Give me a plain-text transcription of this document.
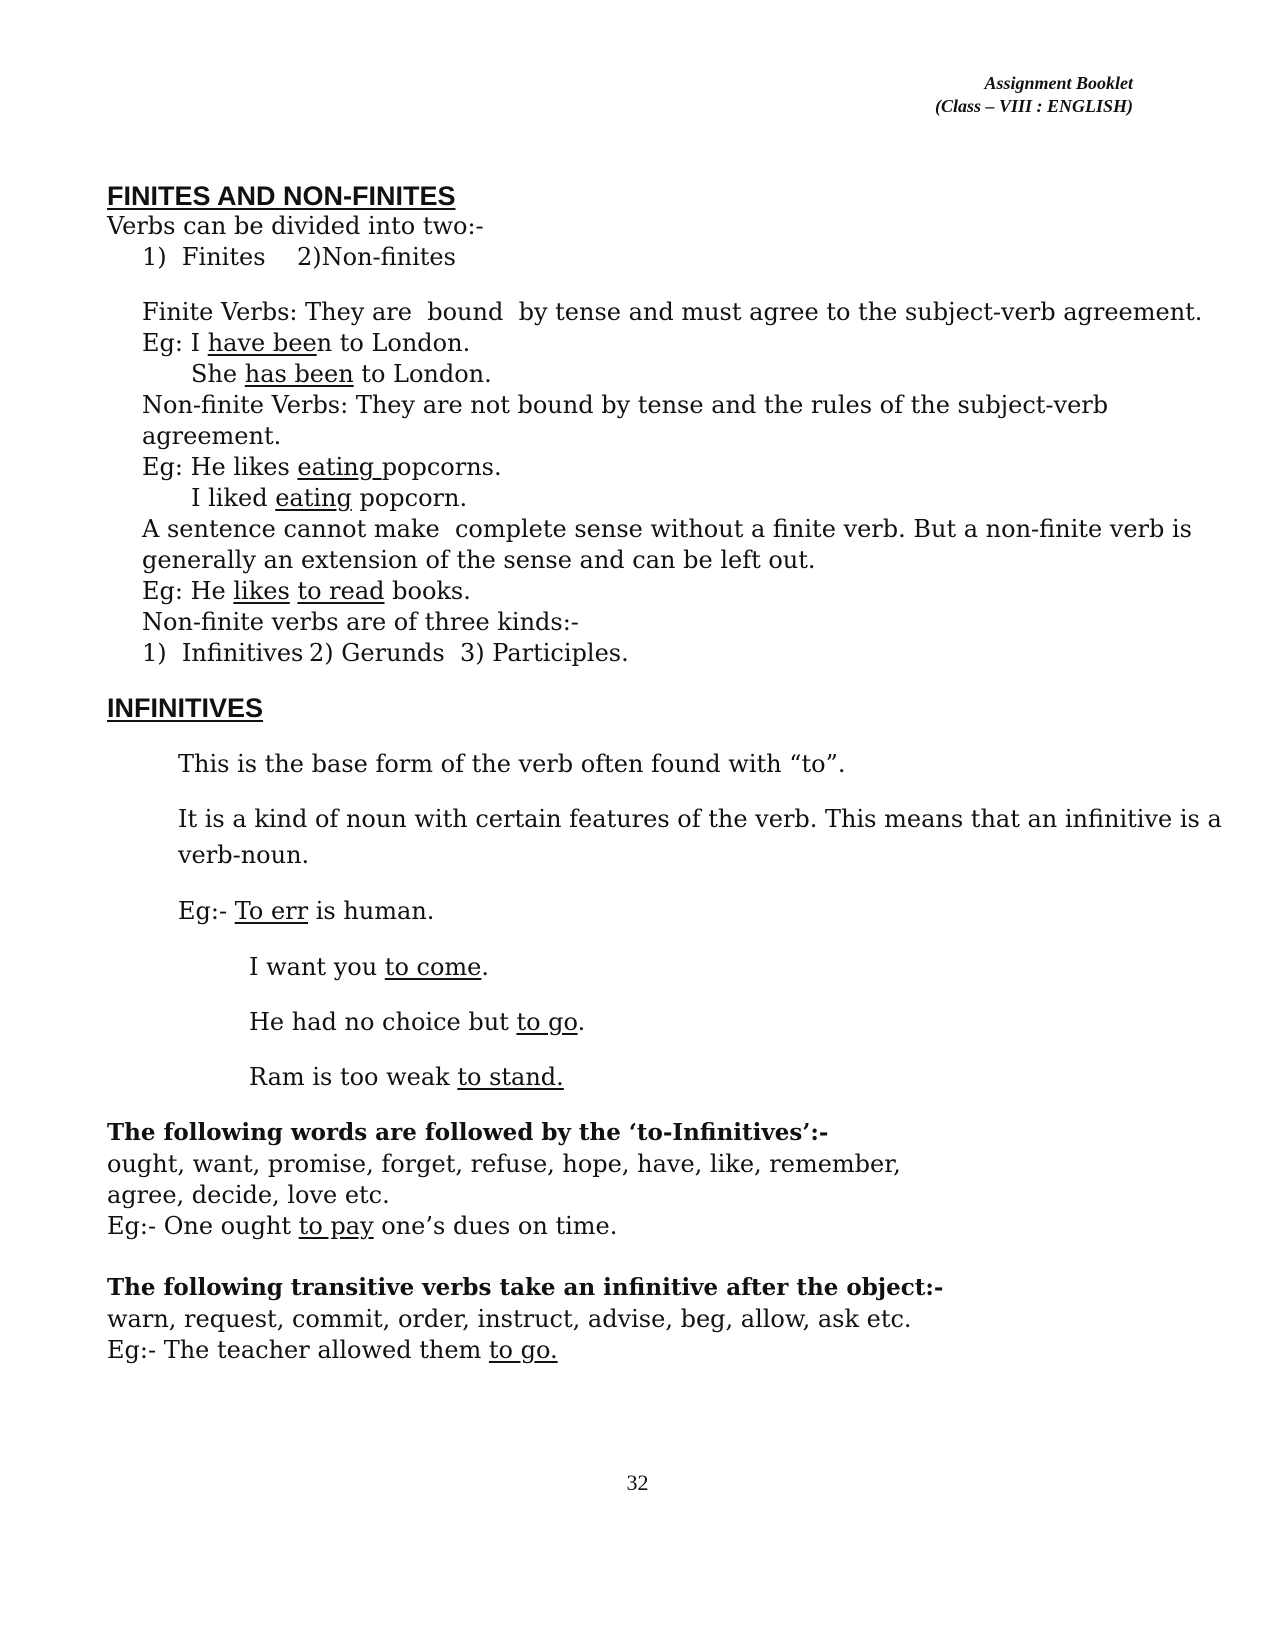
Assignment Booklet
(Class – VIII : ENGLISH)
FINITES AND NON-FINITES
Verbs can be divided into two:-
1)  Finites 2)Non-finites
Finite Verbs: They are  bound  by tense and must agree to the subject-verb agreement.
Eg: I have been to London.
She has been to London.
Non-finite Verbs: They are not bound by tense and the rules of the subject-verb
agreement.
Eg: He likes eating popcorns.
I liked eating popcorn.
A sentence cannot make  complete sense without a finite verb. But a non-finite verb is
generally an extension of the sense and can be left out.
Eg: He likes to read books.
Non-finite verbs are of three kinds:-
1)  Infinitives 2) Gerunds 3) Participles.
INFINITIVES
This is the base form of the verb often found with “to”.
It is a kind of noun with certain features of the verb. This means that an infinitive is a
verb-noun.
Eg:- To err is human.
I want you to come.
He had no choice but to go.
Ram is too weak to stand.
The following words are followed by the ‘to-Infinitives’:-
ought, want, promise, forget, refuse, hope, have, like, remember,
agree, decide, love etc.
Eg:- One ought to pay one’s dues on time.
The following transitive verbs take an infinitive after the object:-
warn, request, commit, order, instruct, advise, beg, allow, ask etc.
Eg:- The teacher allowed them to go.
32
